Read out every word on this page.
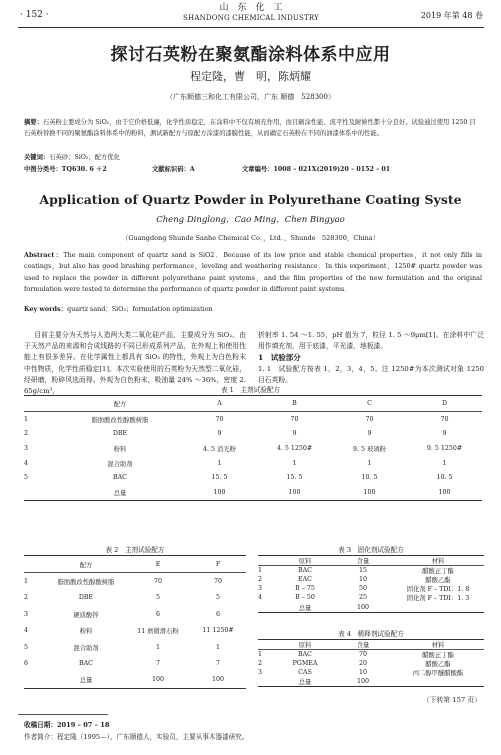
· 152 ·
山　东　化　工
SHANDONG CHEMICAL INDUSTRY	2019 年第 48 卷
探讨石英粉在聚氨酯涂料体系中应用
程定隆，曹　明，陈炳耀
（广东顺德三和化工有限公司，广东 顺德　528300）
摘要：石英粉主要成分为 SiO₂，由于它价格低廉，化学性质稳定，在涂料中不仅有填充作用，而且刷涂性能、流平性及耐候性都十分良好。试验通过使用 1250 目石英粉替换不同的聚氨酯涂料体系中的粉料，测试新配方与原配方涂漆的漆膜性能，从而确定石英粉在不同的油漆体系中的性能。
关键词：石英砂；SiO₂；配方优化
中图分类号：TQ630. 6 ＋2	文献标识码：A	文章编号：1008 – 021X(2019)20 – 0152 – 01
Application of Quartz Powder in Polyurethane Coating Syste
Cheng Dinglong，Cao Ming，Chen Bingyao
（Guangdong Shunde Sanhe Chemical Co．，Ltd．，Shunde　528300，China）
Abstract：The main component of quartz sand is SiO2．Because of its low price and stable chemical properties，it not only fills in coatings，but also has good brushing performance，leveling and weathering resistance．In this experiment，1250# quartz powder was used to replace the powder in different polyurethane paint systems，and the film properties of the new formulation and the original formulation were tested to determine the performance of quartz powder in different paint systems．
Key words：quartz sand；SiO₂；formulation optimization
目前主要分为天然与人造两大类二氧化硅产品，主要成分为 SiO₂。由于天然产品的来源和合成线路的不同已形成系列产品，在外观上和使用性能上有很多差异。在化学属性上都具有 SiO₂ 的特性，外观上为白色粉末中性物质，化学性质稳定[1]。本次实验使用的石英粉为天然型二氧化硅，经研磨，粉碎风选而得。外观为白色粉末，吸油量 24% ～36%，密度 2. 65g/cm³，
折射率 1. 54 ～1. 55，pH 值为 7，粒径 1. 5 ～9μm[1]。在涂料中广泛用作填充剂，用于底漆，平光漆，地板漆。
1　试验部分
1. 1　试验配方按表 1，2，3，4，5。注 1250#为本次测试对象 1250 目石英粉。
表 1　主剂试验配方
	配方	A	B	C	D
1	脂肪酸改性醇酸树脂	70	70	70	70
2	DBE	9	9	9	9
3	粉料	4. 5 消光粉	4. 5 1250#	9. 5 玻璃粉	9. 5 1250#
4	混合助剂	1	1	1	1
5	BAC	15. 5	15. 5	10. 5	10. 5
	总量	100	100	100	100
表 2　主剂试验配方
	配方	E	F
1	脂肪酸改性醇酸树脂	70	70
2	DBE	5	5
3	硬质酸锌	6	6
4	粉料	11 磨微滑石粉	11 1250#
5	混合助剂	1	1
6	BAC	7	7
	总量	100	100
表 3　固化剂试验配方
	原料	含量	材料
1	BAC	15	醋酸正丁酯
2	EAC	10	醋酸乙酯
3	B – 75	50	固化剂 F – TDI：1. 8
4	B – 50	25	固化剂 F – TDI：1. 3
	总量	100	
表 4　稀释剂试验配方
	原料	含量	材料
1	BAC	70	醋酸正丁酯
2	PGMEA	20	醋酸乙酯
3	CAS	10	丙二醇甲醚醋酸酯
	总量	100	
（下转第 157 页）
收稿日期：2019 – 07 – 18
作者简介：程定隆（1995—），广东顺德人，实验员，主要从事木器漆研究。
